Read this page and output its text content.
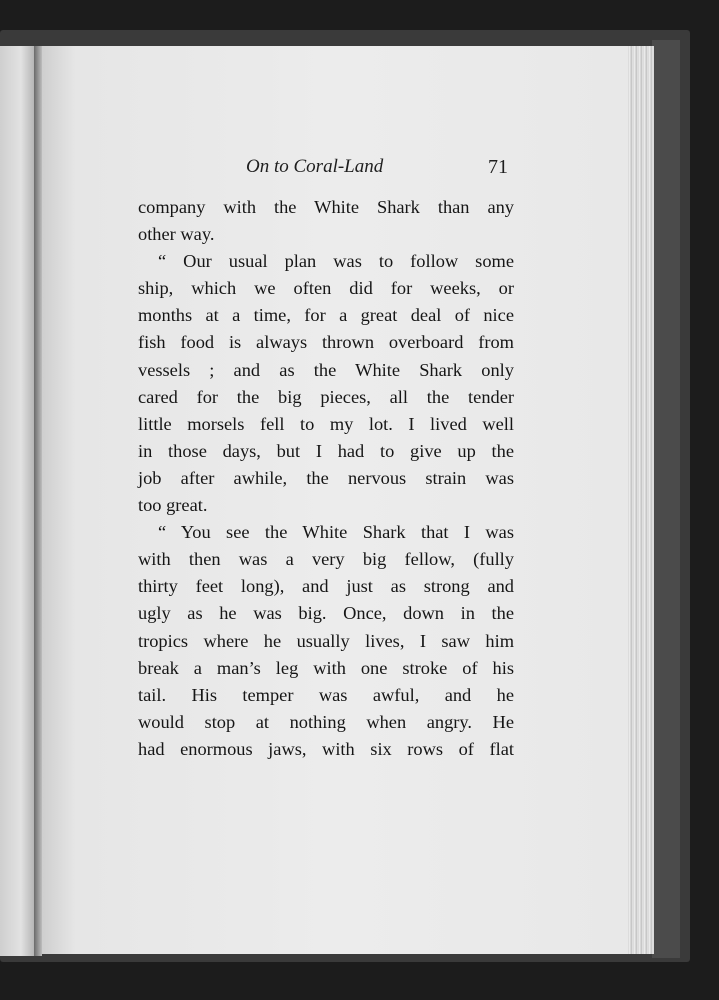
On to Coral-Land	71
company with the White Shark than any
other way.
“ Our usual plan was to follow some
ship, which we often did for weeks, or
months at a time, for a great deal of nice
fish food is always thrown overboard from
vessels ; and as the White Shark only
cared for the big pieces, all the tender
little morsels fell to my lot. I lived well
in those days, but I had to give up the
job after awhile, the nervous strain was
too great.
“ You see the White Shark that I was
with then was a very big fellow, (fully
thirty feet long), and just as strong and
ugly as he was big. Once, down in the
tropics where he usually lives, I saw him
break a man’s leg with one stroke of his
tail. His temper was awful, and he
would stop at nothing when angry. He
had enormous jaws, with six rows of flat
